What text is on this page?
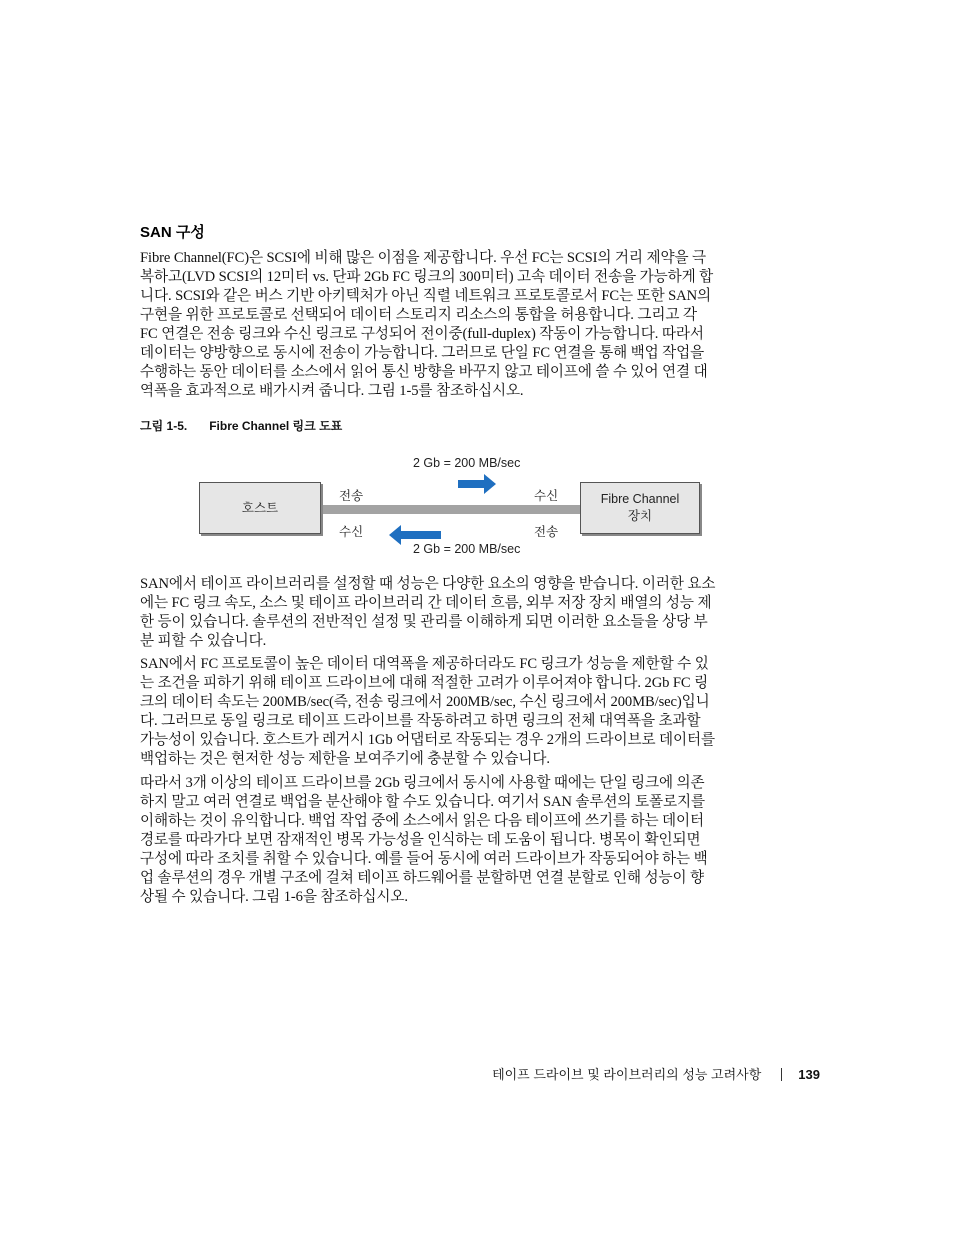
SAN 구성

Fibre Channel(FC)은 SCSI에 비해 많은 이점을 제공합니다. 우선 FC는 SCSI의 거리 제약을 극
복하고(LVD SCSI의 12미터 vs. 단파 2Gb FC 링크의 300미터) 고속 데이터 전송을 가능하게 합
니다. SCSI와 같은 버스 기반 아키텍처가 아닌 직렬 네트워크 프로토콜로서 FC는 또한 SAN의
구현을 위한 프로토콜로 선택되어 데이터 스토리지 리소스의 통합을 허용합니다. 그리고 각
FC 연결은 전송 링크와 수신 링크로 구성되어 전이중(full-duplex) 작동이 가능합니다. 따라서
데이터는 양방향으로 동시에 전송이 가능합니다. 그러므로 단일 FC 연결을 통해 백업 작업을
수행하는 동안 데이터를 소스에서 읽어 통신 방향을 바꾸지 않고 테이프에 쓸 수 있어 연결 대
역폭을 효과적으로 배가시켜 줍니다. 그림 1-5를 참조하십시오.

그림 1-5. Fibre Channel 링크 도표
호스트
Fibre Channel
장치
2 Gb = 200 MB/sec
2 Gb = 200 MB/sec
전송
수신
수신
전송

SAN에서 테이프 라이브러리를 설정할 때 성능은 다양한 요소의 영향을 받습니다. 이러한 요소
에는 FC 링크 속도, 소스 및 테이프 라이브러리 간 데이터 흐름, 외부 저장 장치 배열의 성능 제
한 등이 있습니다. 솔루션의 전반적인 설정 및 관리를 이해하게 되면 이러한 요소들을 상당 부
분 피할 수 있습니다.

SAN에서 FC 프로토콜이 높은 데이터 대역폭을 제공하더라도 FC 링크가 성능을 제한할 수 있
는 조건을 피하기 위해 테이프 드라이브에 대해 적절한 고려가 이루어져야 합니다. 2Gb FC 링
크의 데이터 속도는 200MB/sec(즉, 전송 링크에서 200MB/sec, 수신 링크에서 200MB/sec)입니
다. 그러므로 동일 링크로 테이프 드라이브를 작동하려고 하면 링크의 전체 대역폭을 초과할
가능성이 있습니다. 호스트가 레거시 1Gb 어댑터로 작동되는 경우 2개의 드라이브로 데이터를
백업하는 것은 현저한 성능 제한을 보여주기에 충분할 수 있습니다.

따라서 3개 이상의 테이프 드라이브를 2Gb 링크에서 동시에 사용할 때에는 단일 링크에 의존
하지 말고 여러 연결로 백업을 분산해야 할 수도 있습니다. 여기서 SAN 솔루션의 토폴로지를
이해하는 것이 유익합니다. 백업 작업 중에 소스에서 읽은 다음 테이프에 쓰기를 하는 데이터
경로를 따라가다 보면 잠재적인 병목 가능성을 인식하는 데 도움이 됩니다. 병목이 확인되면
구성에 따라 조치를 취할 수 있습니다. 예를 들어 동시에 여러 드라이브가 작동되어야 하는 백
업 솔루션의 경우 개별 구조에 걸쳐 테이프 하드웨어를 분할하면 연결 분할로 인해 성능이 향
상될 수 있습니다. 그림 1-6을 참조하십시오.

테이프 드라이브 및 라이브러리의 성능 고려사항	139
